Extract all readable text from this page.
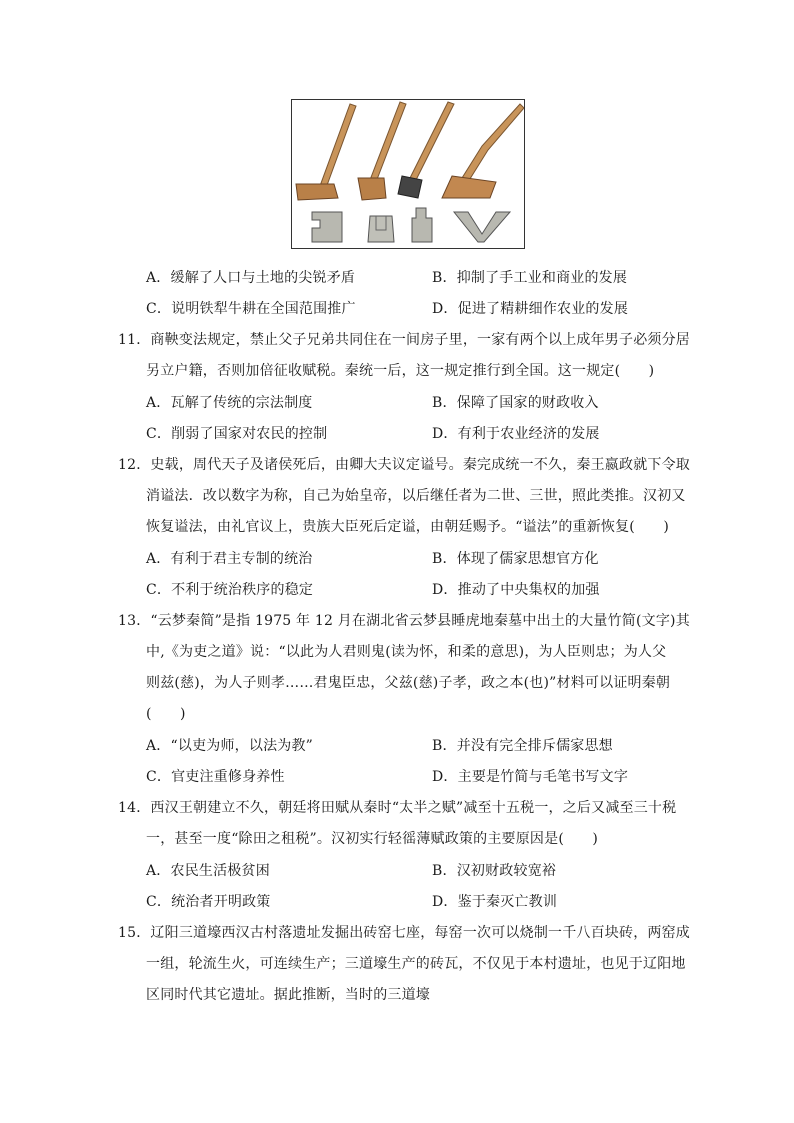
A．缓解了人口与土地的尖锐矛盾	B．抑制了手工业和商业的发展
C．说明铁犁牛耕在全国范围推广	D．促进了精耕细作农业的发展
11．商鞅变法规定，禁止父子兄弟共同住在一间房子里，一家有两个以上成年男子必须分居
另立户籍，否则加倍征收赋税。秦统一后，这一规定推行到全国。这一规定(　　)
A．瓦解了传统的宗法制度	B．保障了国家的财政收入
C．削弱了国家对农民的控制	D．有利于农业经济的发展
12．史载，周代天子及诸侯死后，由卿大夫议定谥号。秦完成统一不久，秦王嬴政就下令取
消谥法．改以数字为称，自己为始皇帝，以后继任者为二世、三世，照此类推。汉初又
恢复谥法，由礼官议上，贵族大臣死后定谥，由朝廷赐予。“谥法”的重新恢复(　　)
A．有利于君主专制的统治	B．体现了儒家思想官方化
C．不利于统治秩序的稳定	D．推动了中央集权的加强
13．“云梦秦简”是指 1975 年 12 月在湖北省云梦县睡虎地秦墓中出土的大量竹简(文字)其
中,《为吏之道》说：“以此为人君则鬼(读为怀，和柔的意思)，为人臣则忠；为人父
则兹(慈)，为人子则孝……君鬼臣忠，父兹(慈)子孝，政之本(也)”材料可以证明秦朝
(　　)
A．“以吏为师，以法为教”	B．并没有完全排斥儒家思想
C．官吏注重修身养性	D．主要是竹简与毛笔书写文字
14．西汉王朝建立不久，朝廷将田赋从秦时“太半之赋”减至十五税一，之后又减至三十税
一，甚至一度“除田之租税”。汉初实行轻徭薄赋政策的主要原因是(　　)
A．农民生活极贫困	B．汉初财政较宽裕
C．统治者开明政策	D．鉴于秦灭亡教训
15．辽阳三道壕西汉古村落遗址发掘出砖窑七座，每窑一次可以烧制一千八百块砖，两窑成
一组，轮流生火，可连续生产；三道壕生产的砖瓦，不仅见于本村遗址，也见于辽阳地
区同时代其它遗址。据此推断，当时的三道壕
